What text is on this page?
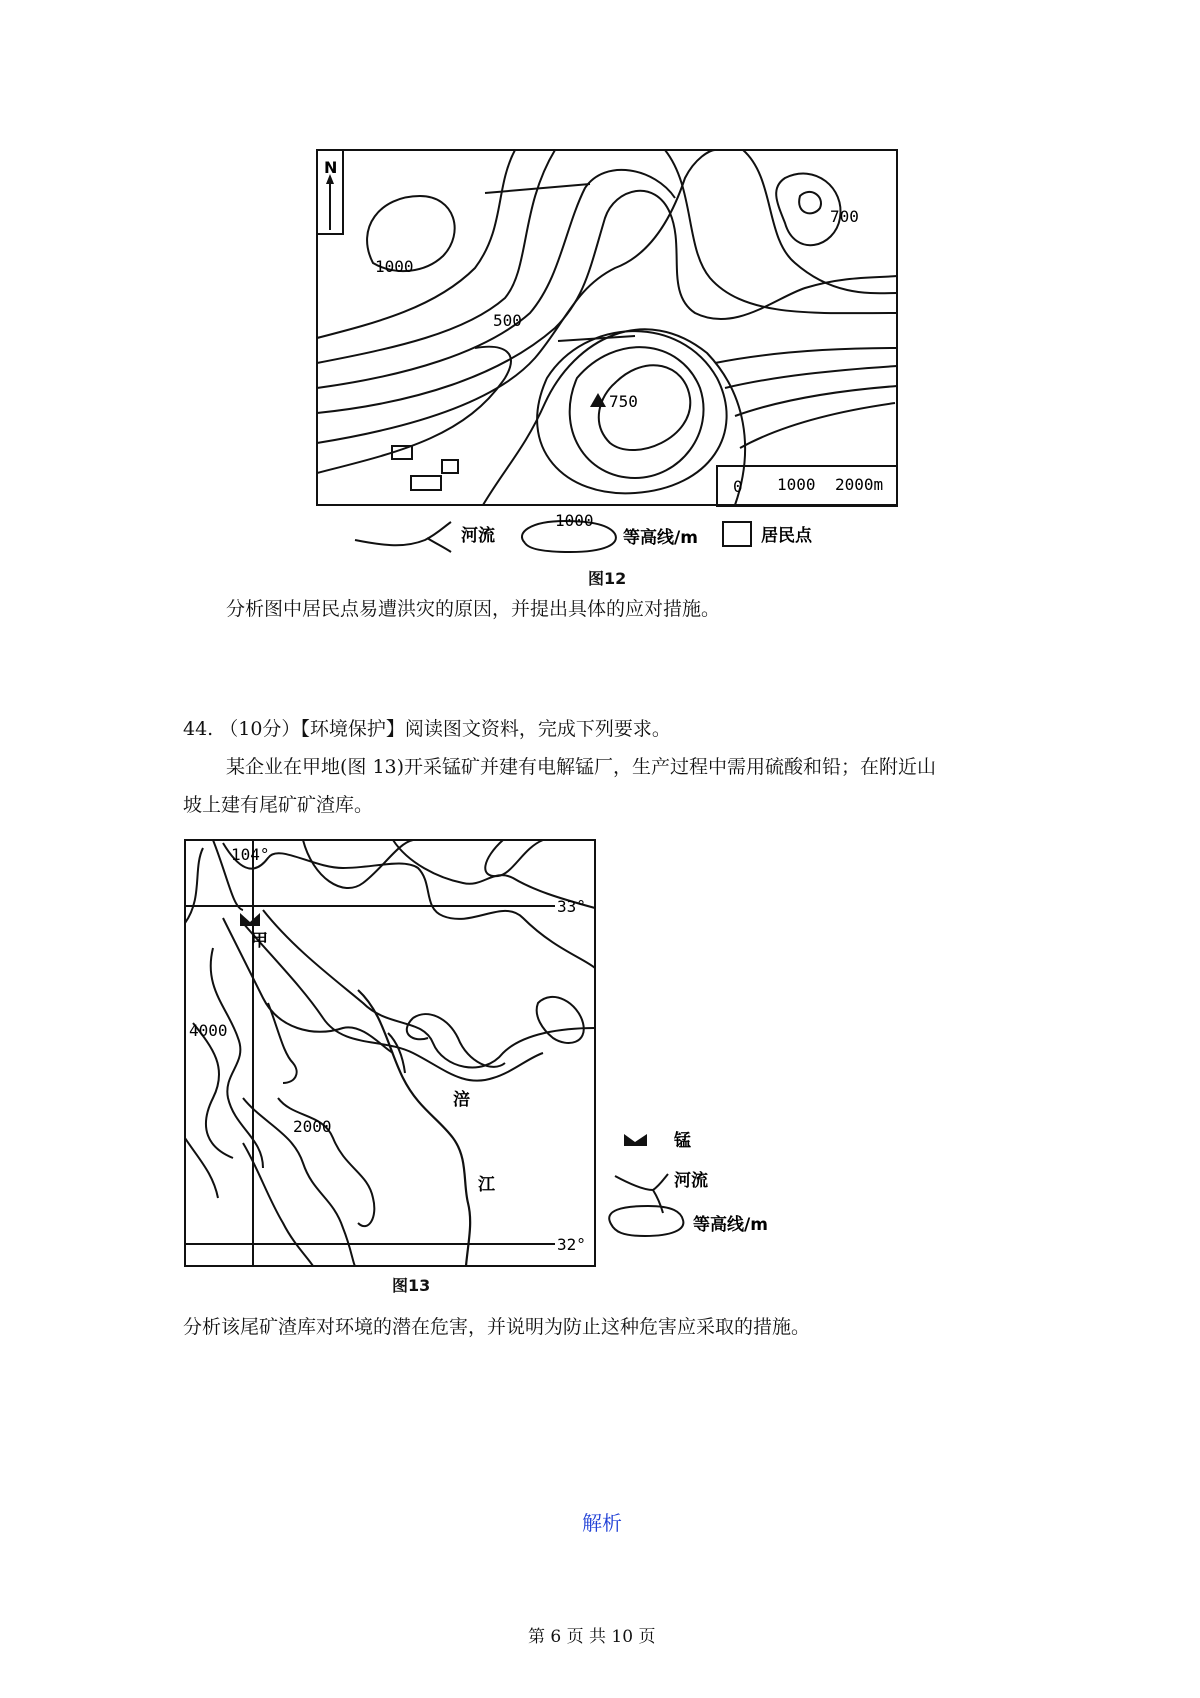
N
1000
500
700
750
0 1000 2000m
河流
1000
等高线/m	居民点
图12
分析图中居民点易遭洪灾的原因，并提出具体的应对措施。
44. （10分）【环境保护】阅读图文资料，完成下列要求。
某企业在甲地(图 13)开采锰矿并建有电解锰厂，生产过程中需用硫酸和铅；在附近山
坡上建有尾矿矿渣库。
104°
33°
32°
甲
4000
2000
涪
江
锰
河流
等高线/m
图13
分析该尾矿渣库对环境的潜在危害，并说明为防止这种危害应采取的措施。
解析
第 6 页 共 10 页
